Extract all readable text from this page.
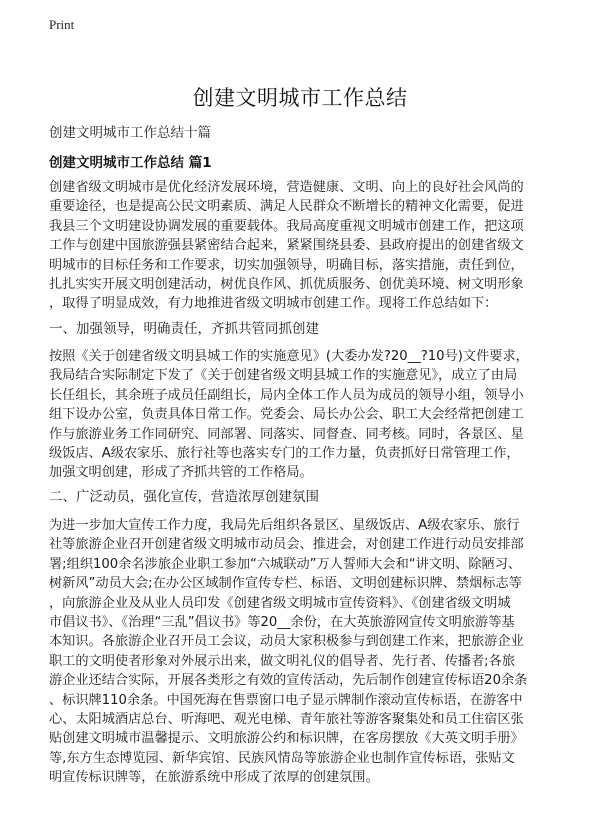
Print
创建文明城市工作总结
创建文明城市工作总结十篇
创建文明城市工作总结 篇1
创建省级文明城市是优化经济发展环境，营造健康、文明、向上的良好社会风尚的
重要途径，也是提高公民文明素质、满足人民群众不断增长的精神文化需要，促进
我县三个文明建设协调发展的重要载体。我局高度重视文明城市创建工作，把这项
工作与创建中国旅游强县紧密结合起来，紧紧围绕县委、县政府提出的创建省级文
明城市的目标任务和工作要求，切实加强领导，明确目标，落实措施，责任到位，
扎扎实实开展文明创建活动，树优良作风、抓优质服务、创优美环境、树文明形象
，取得了明显成效，有力地推进省级文明城市创建工作。现将工作总结如下：
一、加强领导，明确责任，齐抓共管同抓创建
按照《关于创建省级文明县城工作的实施意见》(大委办发?20__?10号)文件要求，
我局结合实际制定下发了《关于创建省级文明县城工作的实施意见》，成立了由局
长任组长，其余班子成员任副组长，局内全体工作人员为成员的领导小组，领导小
组下设办公室，负责具体日常工作。党委会、局长办公会、职工大会经常把创建工
作与旅游业务工作同研究、同部署、同落实、同督查、同考核。同时，各景区、星
级饭店、A级农家乐、旅行社等也落实专门的工作力量，负责抓好日常管理工作，
加强文明创建，形成了齐抓共管的工作格局。
二、广泛动员，强化宣传，营造浓厚创建氛围
为进一步加大宣传工作力度，我局先后组织各景区、星级饭店、A级农家乐、旅行
社等旅游企业召开创建省级文明城市动员会、推进会，对创建工作进行动员安排部
署;组织100余名涉旅企业职工参加“六城联动”万人誓师大会和“讲文明、除陋习、
树新风”动员大会;在办公区域制作宣传专栏、标语、文明创建标识牌、禁烟标志等
，向旅游企业及从业人员印发《创建省级文明城市宣传资料》、《创建省级文明城
市倡议书》、《治理“三乱”倡议书》等20__余份，在大英旅游网宣传文明旅游等基
本知识。各旅游企业召开员工会议，动员大家积极参与到创建工作来，把旅游企业
职工的文明使者形象对外展示出来，做文明礼仪的倡导者、先行者、传播者;各旅
游企业还结合实际，开展各类形之有效的宣传活动，先后制作创建宣传标语20余条
、标识牌110余条。中国死海在售票窗口电子显示牌制作滚动宣传标语，在游客中
心、太阳城酒店总台、听海吧、观光电梯、青年旅社等游客聚集处和员工住宿区张
贴创建文明城市温馨提示、文明旅游公约和标识牌，在客房摆放《大英文明手册》
等,东方生态博览园、新华宾馆、民族风情岛等旅游企业也制作宣传标语，张贴文
明宣传标识牌等，在旅游系统中形成了浓厚的创建氛围。
